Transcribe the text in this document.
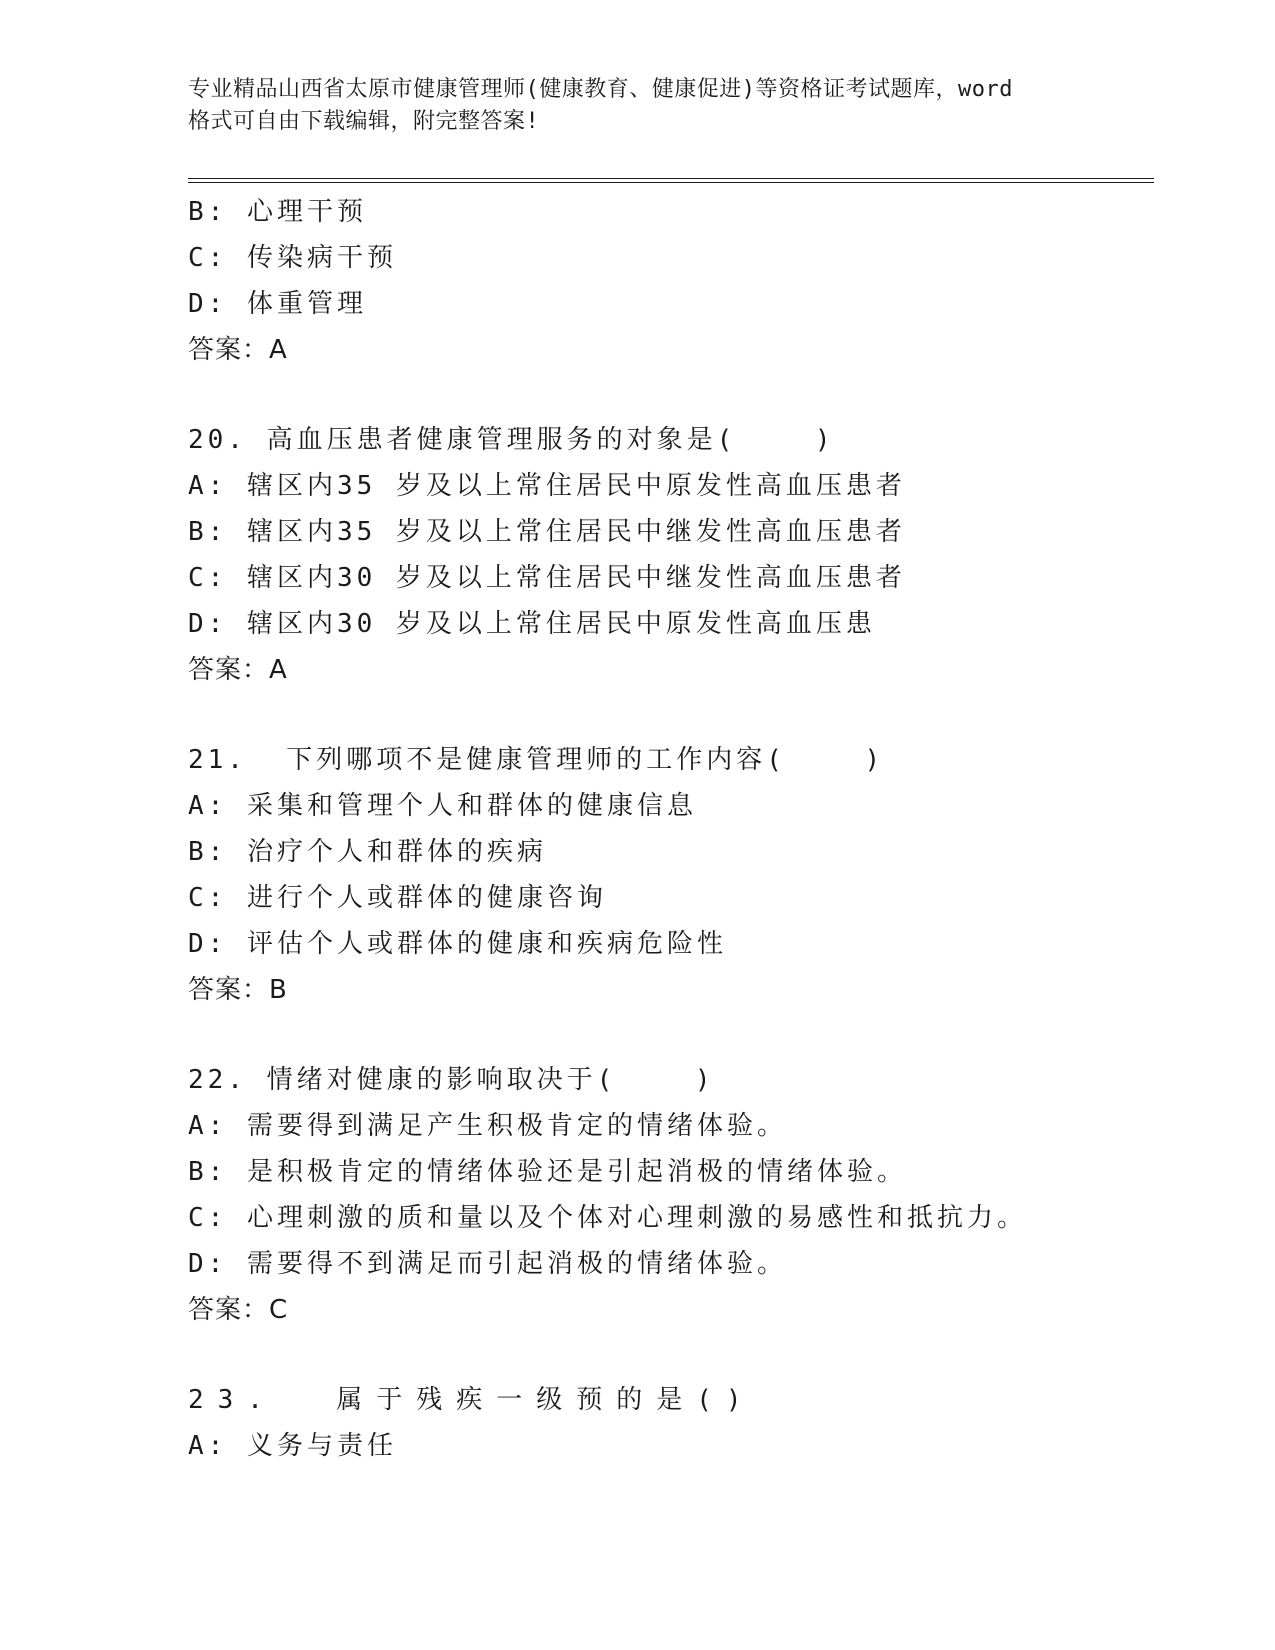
专业精品山西省太原市健康管理师(健康教育、健康促进)等资格证考试题库，word
格式可自由下载编辑，附完整答案!
B: 心理干预
C: 传染病干预
D: 体重管理
答案：A
20. 高血压患者健康管理服务的对象是(    )
A: 辖区内35 岁及以上常住居民中原发性高血压患者
B: 辖区内35 岁及以上常住居民中继发性高血压患者
C: 辖区内30 岁及以上常住居民中继发性高血压患者
D: 辖区内30 岁及以上常住居民中原发性高血压患
答案：A
21.  下列哪项不是健康管理师的工作内容(    )
A: 采集和管理个人和群体的健康信息
B: 治疗个人和群体的疾病
C: 进行个人或群体的健康咨询
D: 评估个人或群体的健康和疾病危险性
答案：B
22. 情绪对健康的影响取决于(    )
A: 需要得到满足产生积极肯定的情绪体验。
B: 是积极肯定的情绪体验还是引起消极的情绪体验。
C: 心理刺激的质和量以及个体对心理刺激的易感性和抵抗力。
D: 需要得不到满足而引起消极的情绪体验。
答案：C
23.  属于残疾一级预的是()
A: 义务与责任
